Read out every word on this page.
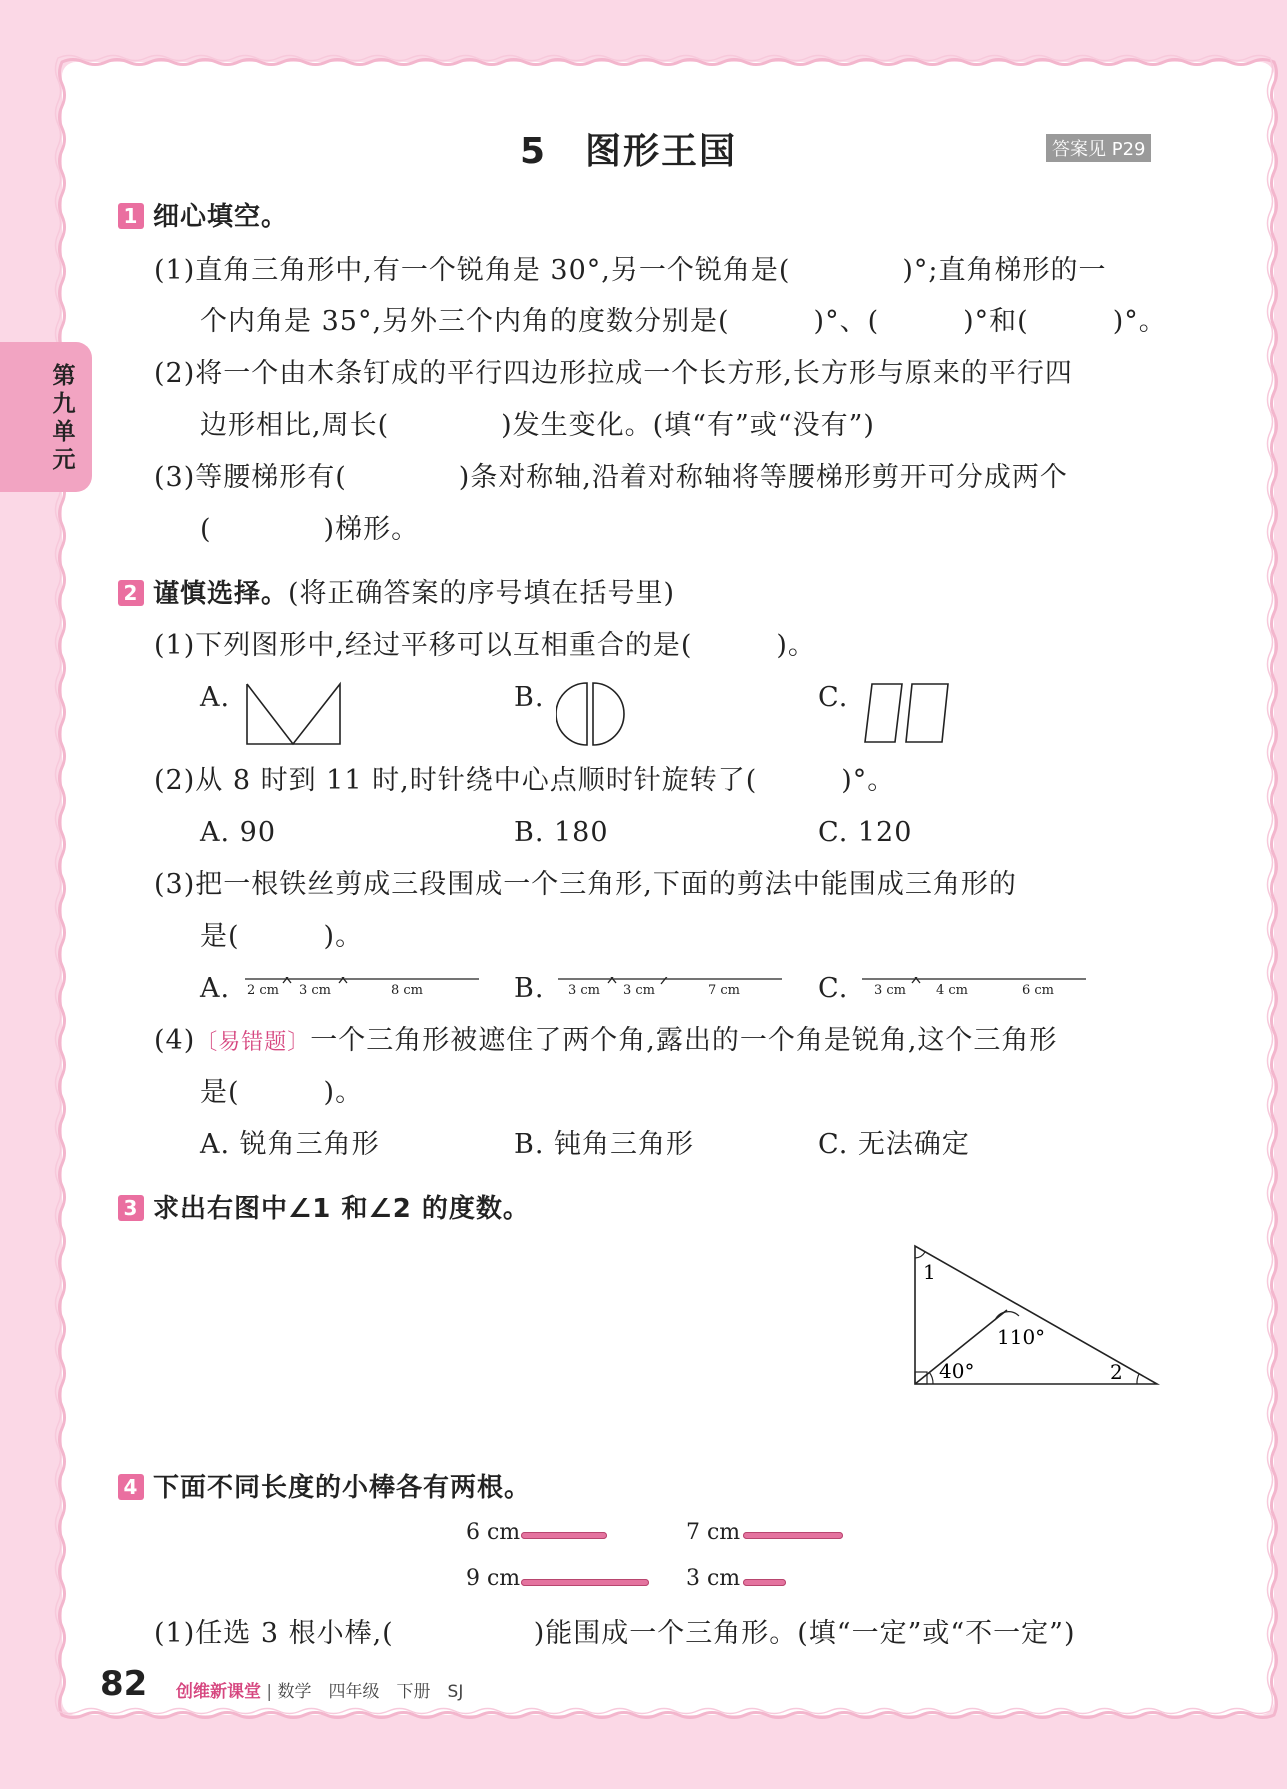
第九单元
5　图形王国	答案见 P29
1 细心填空。
(1)直角三角形中,有一个锐角是 30°,另一个锐角是(　　　　)°;直角梯形的一
个内角是 35°,另外三个内角的度数分别是(　　　)°、(　　　)°和(　　　)°。
(2)将一个由木条钉成的平行四边形拉成一个长方形,长方形与原来的平行四
边形相比,周长(　　　　)发生变化。(填“有”或“没有”)
(3)等腰梯形有(　　　　)条对称轴,沿着对称轴将等腰梯形剪开可分成两个
(　　　　)梯形。
2 谨慎选择。(将正确答案的序号填在括号里)
(1)下列图形中,经过平移可以互相重合的是(　　　)。
A.	B.	C.
(2)从 8 时到 11 时,时针绕中心点顺时针旋转了(　　　)°。
A. 90	B. 180	C. 120
(3)把一根铁丝剪成三段围成一个三角形,下面的剪法中能围成三角形的
是(　　　)。
A.	B.	C.
2 cm 3 cm	8 cm	3 cm 3 cm	7 cm	3 cm 4 cm	6 cm
(4)〔易错题〕一个三角形被遮住了两个角,露出的一个角是锐角,这个三角形
是(　　　)。
A. 锐角三角形	B. 钝角三角形	C. 无法确定
3 求出右图中∠1 和∠2 的度数。
1
110°
40°	2
4 下面不同长度的小棒各有两根。
6 cm	7 cm
9 cm	3 cm
(1)任选 3 根小棒,(　　　　　)能围成一个三角形。(填“一定”或“不一定”)
82 创维新课堂 | 数学　四年级　下册　SJ
